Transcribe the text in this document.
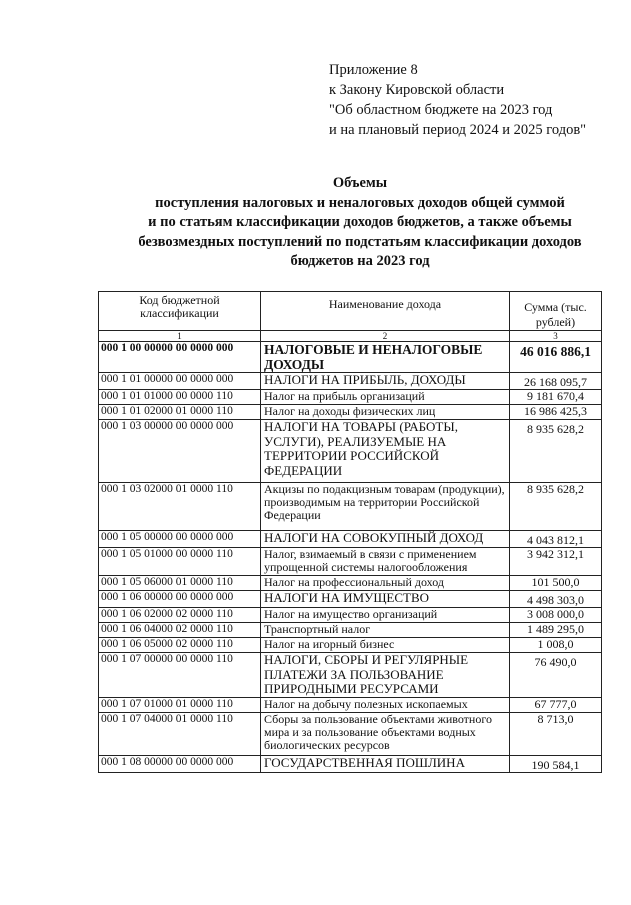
Приложение 8
к Закону Кировской области
"Об областном бюджете на 2023 год
и на плановый период 2024 и 2025 годов"
Объемы
поступления налоговых и неналоговых доходов общей суммой
и по статьям классификации доходов бюджетов, а также объемы
безвозмездных поступлений по подстатьям классификации доходов
бюджетов на 2023 год
Код бюджетной классификации	Наименование дохода	Сумма (тыс. рублей)
1	2	3
000 1 00 00000 00 0000 000	НАЛОГОВЫЕ И НЕНАЛОГОВЫЕ ДОХОДЫ	46 016 886,1
000 1 01 00000 00 0000 000	НАЛОГИ НА ПРИБЫЛЬ, ДОХОДЫ	26 168 095,7
000 1 01 01000 00 0000 110	Налог на прибыль организаций	9 181 670,4
000 1 01 02000 01 0000 110	Налог на доходы физических лиц	16 986 425,3
000 1 03 00000 00 0000 000	НАЛОГИ НА ТОВАРЫ (РАБОТЫ, УСЛУГИ), РЕАЛИЗУЕМЫЕ НА ТЕРРИТОРИИ РОССИЙСКОЙ ФЕДЕРАЦИИ	8 935 628,2
000 1 03 02000 01 0000 110	Акцизы по подакцизным товарам (продукции), производимым на территории Российской Федерации	8 935 628,2
000 1 05 00000 00 0000 000	НАЛОГИ НА СОВОКУПНЫЙ ДОХОД	4 043 812,1
000 1 05 01000 00 0000 110	Налог, взимаемый в связи с применением упрощенной системы налогообложения	3 942 312,1
000 1 05 06000 01 0000 110	Налог на профессиональный доход	101 500,0
000 1 06 00000 00 0000 000	НАЛОГИ НА ИМУЩЕСТВО	4 498 303,0
000 1 06 02000 02 0000 110	Налог на имущество организаций	3 008 000,0
000 1 06 04000 02 0000 110	Транспортный налог	1 489 295,0
000 1 06 05000 02 0000 110	Налог на игорный бизнес	1 008,0
000 1 07 00000 00 0000 110	НАЛОГИ, СБОРЫ И РЕГУЛЯРНЫЕ ПЛАТЕЖИ ЗА ПОЛЬЗОВАНИЕ ПРИРОДНЫМИ РЕСУРСАМИ	76 490,0
000 1 07 01000 01 0000 110	Налог на добычу полезных ископаемых	67 777,0
000 1 07 04000 01 0000 110	Сборы за пользование объектами животного мира и за пользование объектами водных биологических ресурсов	8 713,0
000 1 08 00000 00 0000 000	ГОСУДАРСТВЕННАЯ ПОШЛИНА	190 584,1
